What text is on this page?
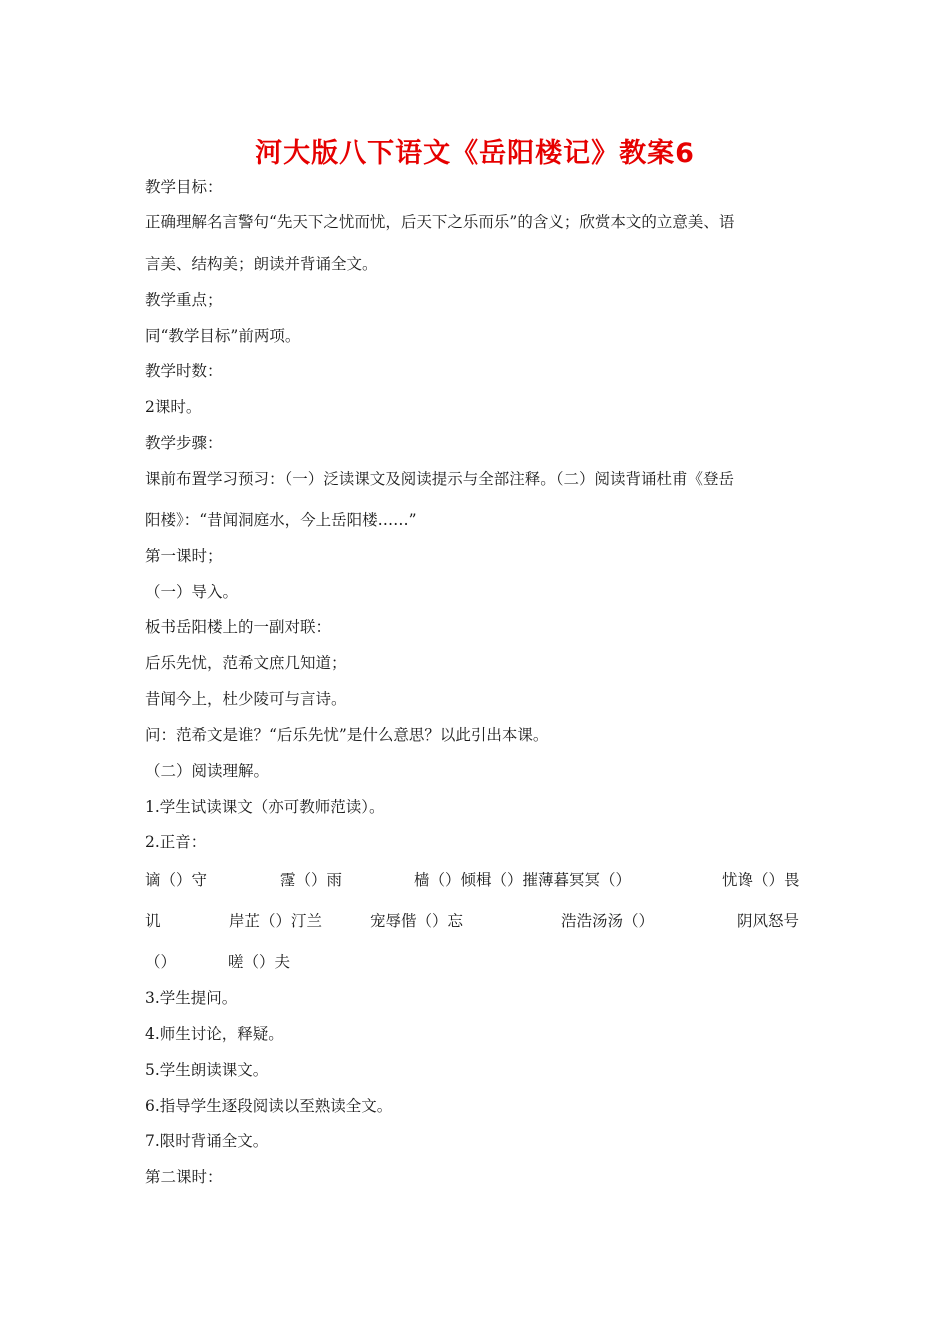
河大版八下语文《岳阳楼记》教案6
教学目标：
正确理解名言警句“先天下之忧而忧，后天下之乐而乐”的含义；欣赏本文的立意美、语
言美、结构美；朗读并背诵全文。
教学重点；
同“教学目标”前两项。
教学时数：
2课时。
教学步骤：
课前布置学习预习：（一）泛读课文及阅读提示与全部注释。（二）阅读背诵杜甫《登岳
阳楼》：“昔闻洞庭水，今上岳阳楼……”
第一课时；
（一）导入。
板书岳阳楼上的一副对联：
后乐先忧，范希文庶几知道；
昔闻今上，杜少陵可与言诗。
问：范希文是谁？“后乐先忧”是什么意思？以此引出本课。
（二）阅读理解。
1.学生试读课文（亦可教师范读）。
2.正音：
谪（）守	霪（）雨	樯（）倾楫（）摧薄暮冥冥（）	忧谗（）畏
讥	岸芷（）汀兰	宠辱偕（）忘	浩浩汤汤（）	阴风怒号
（）	嗟（）夫
3.学生提问。
4.师生讨论，释疑。
5.学生朗读课文。
6.指导学生逐段阅读以至熟读全文。
7.限时背诵全文。
第二课时：
